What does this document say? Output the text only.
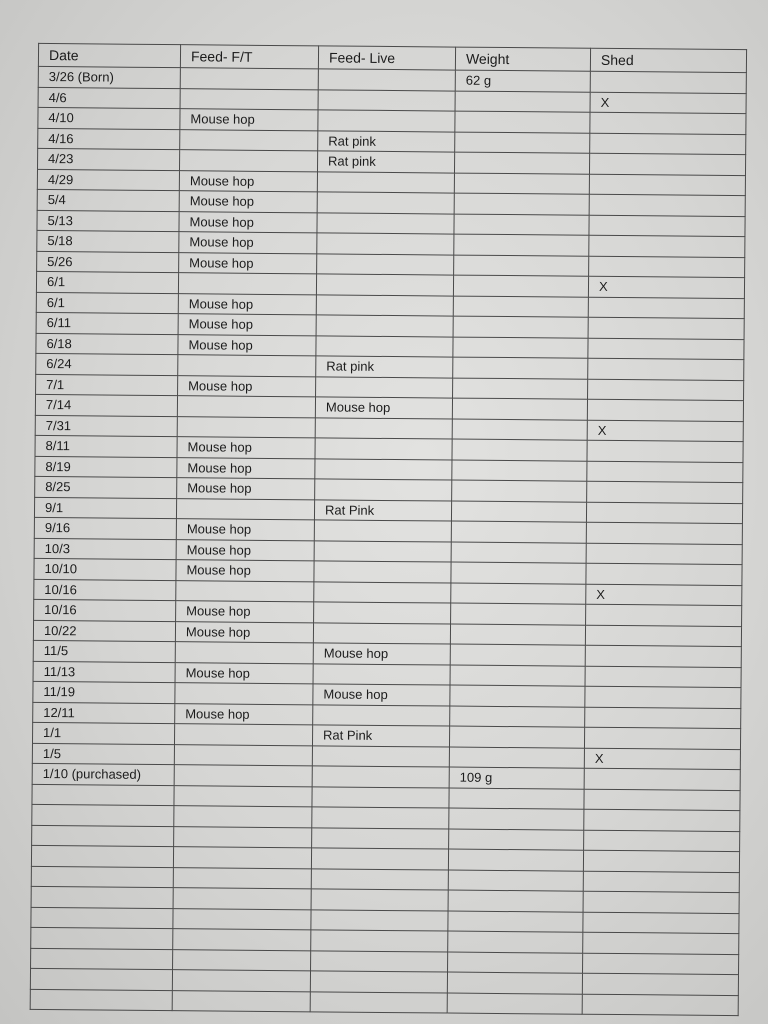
Date	Feed- F/T	Feed- Live	Weight	Shed
3/26 (Born)			62 g	
4/6				X
4/10	Mouse hop			
4/16		Rat pink		
4/23		Rat pink		
4/29	Mouse hop			
5/4	Mouse hop			
5/13	Mouse hop			
5/18	Mouse hop			
5/26	Mouse hop			
6/1				X
6/1	Mouse hop			
6/11	Mouse hop			
6/18	Mouse hop			
6/24		Rat pink		
7/1	Mouse hop			
7/14		Mouse hop		
7/31				X
8/11	Mouse hop			
8/19	Mouse hop			
8/25	Mouse hop			
9/1		Rat Pink		
9/16	Mouse hop			
10/3	Mouse hop			
10/10	Mouse hop			
10/16				X
10/16	Mouse hop			
10/22	Mouse hop			
11/5		Mouse hop		
11/13	Mouse hop			
11/19		Mouse hop		
12/11	Mouse hop			
1/1		Rat Pink		
1/5				X
1/10 (purchased)			109 g	
